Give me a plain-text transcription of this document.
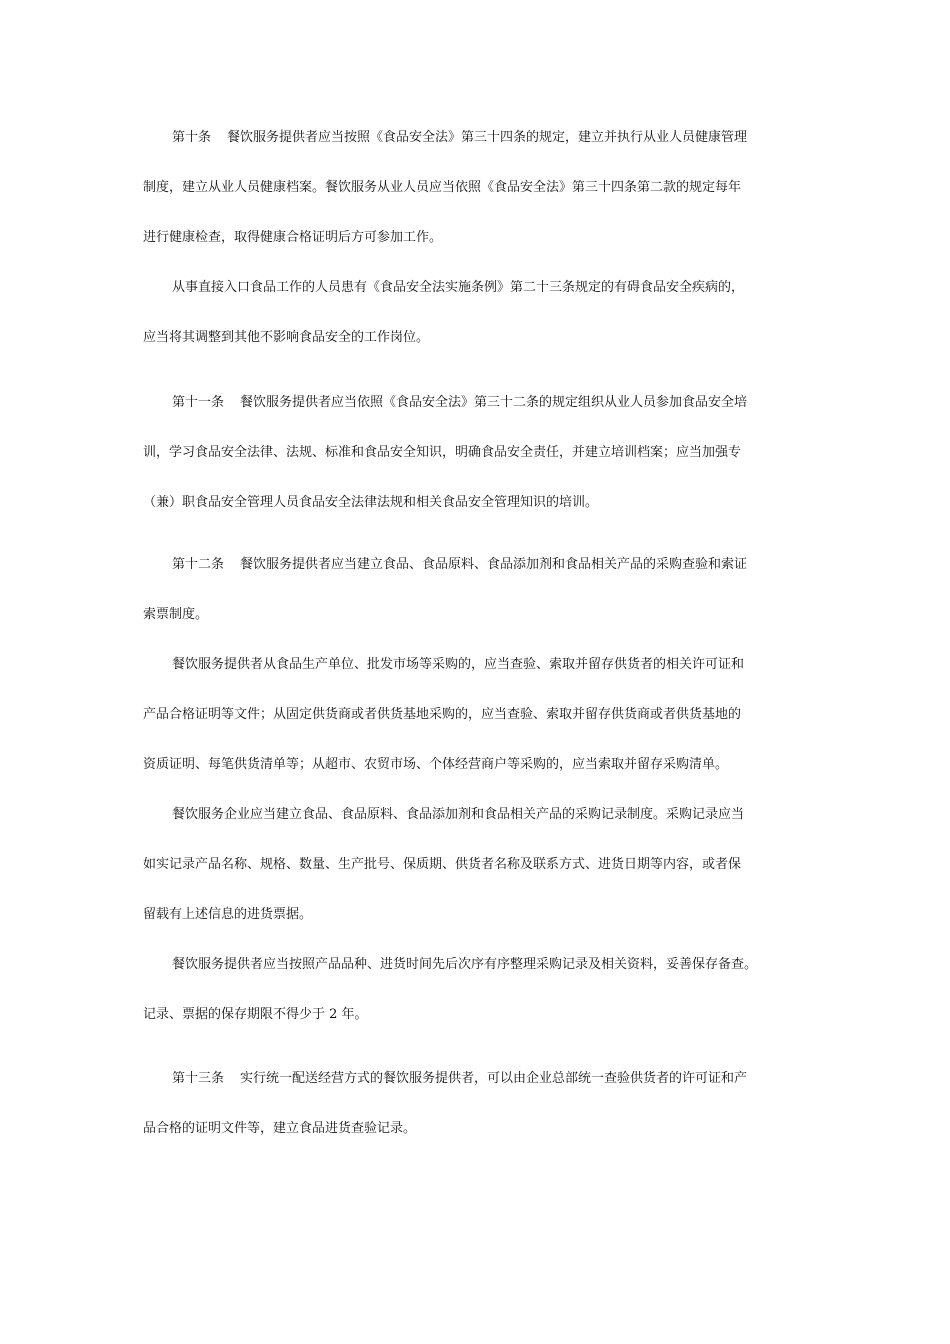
第十条 餐饮服务提供者应当按照《食品安全法》第三十四条的规定，建立并执行从业人员健康管理
制度，建立从业人员健康档案。餐饮服务从业人员应当依照《食品安全法》第三十四条第二款的规定每年
进行健康检查，取得健康合格证明后方可参加工作。
从事直接入口食品工作的人员患有《食品安全法实施条例》第二十三条规定的有碍食品安全疾病的，
应当将其调整到其他不影响食品安全的工作岗位。
第十一条 餐饮服务提供者应当依照《食品安全法》第三十二条的规定组织从业人员参加食品安全培
训，学习食品安全法律、法规、标准和食品安全知识，明确食品安全责任，并建立培训档案；应当加强专
（兼）职食品安全管理人员食品安全法律法规和相关食品安全管理知识的培训。
第十二条 餐饮服务提供者应当建立食品、食品原料、食品添加剂和食品相关产品的采购查验和索证
索票制度。
餐饮服务提供者从食品生产单位、批发市场等采购的，应当查验、索取并留存供货者的相关许可证和
产品合格证明等文件；从固定供货商或者供货基地采购的，应当查验、索取并留存供货商或者供货基地的
资质证明、每笔供货清单等；从超市、农贸市场、个体经营商户等采购的，应当索取并留存采购清单。
餐饮服务企业应当建立食品、食品原料、食品添加剂和食品相关产品的采购记录制度。采购记录应当
如实记录产品名称、规格、数量、生产批号、保质期、供货者名称及联系方式、进货日期等内容，或者保
留载有上述信息的进货票据。
餐饮服务提供者应当按照产品品种、进货时间先后次序有序整理采购记录及相关资料，妥善保存备查。
记录、票据的保存期限不得少于 2 年。
第十三条 实行统一配送经营方式的餐饮服务提供者，可以由企业总部统一查验供货者的许可证和产
品合格的证明文件等，建立食品进货查验记录。
